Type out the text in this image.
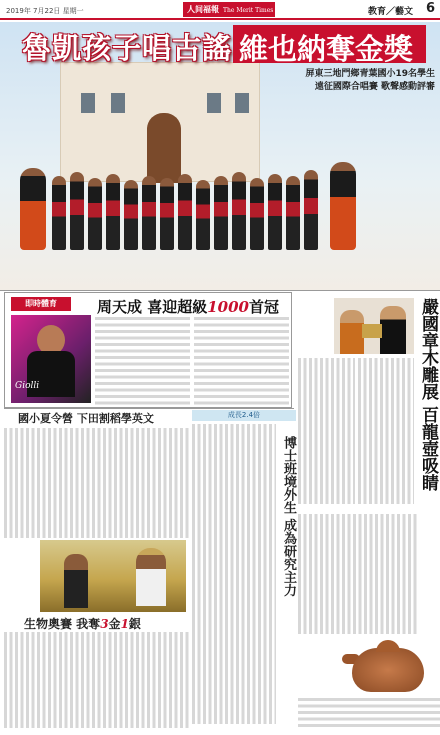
2019年 7月22日 星期一	人间福報 The Merit Times	教育／藝文 6
魯凱孩子唱古謠 維也納奪金獎
屏東三地門鄉青葉國小19名學生
遠征國際合唱賽 歌聲感動評審
即時體育	周天成 喜迎超級1000首冠
Giolli	嚴國章木雕展 百龍壺吸睛
國小夏令營 下田割稻學英文
生物奧賽 我奪3金1銀
成長2.4倍
博士班境外生 成為研究主力
